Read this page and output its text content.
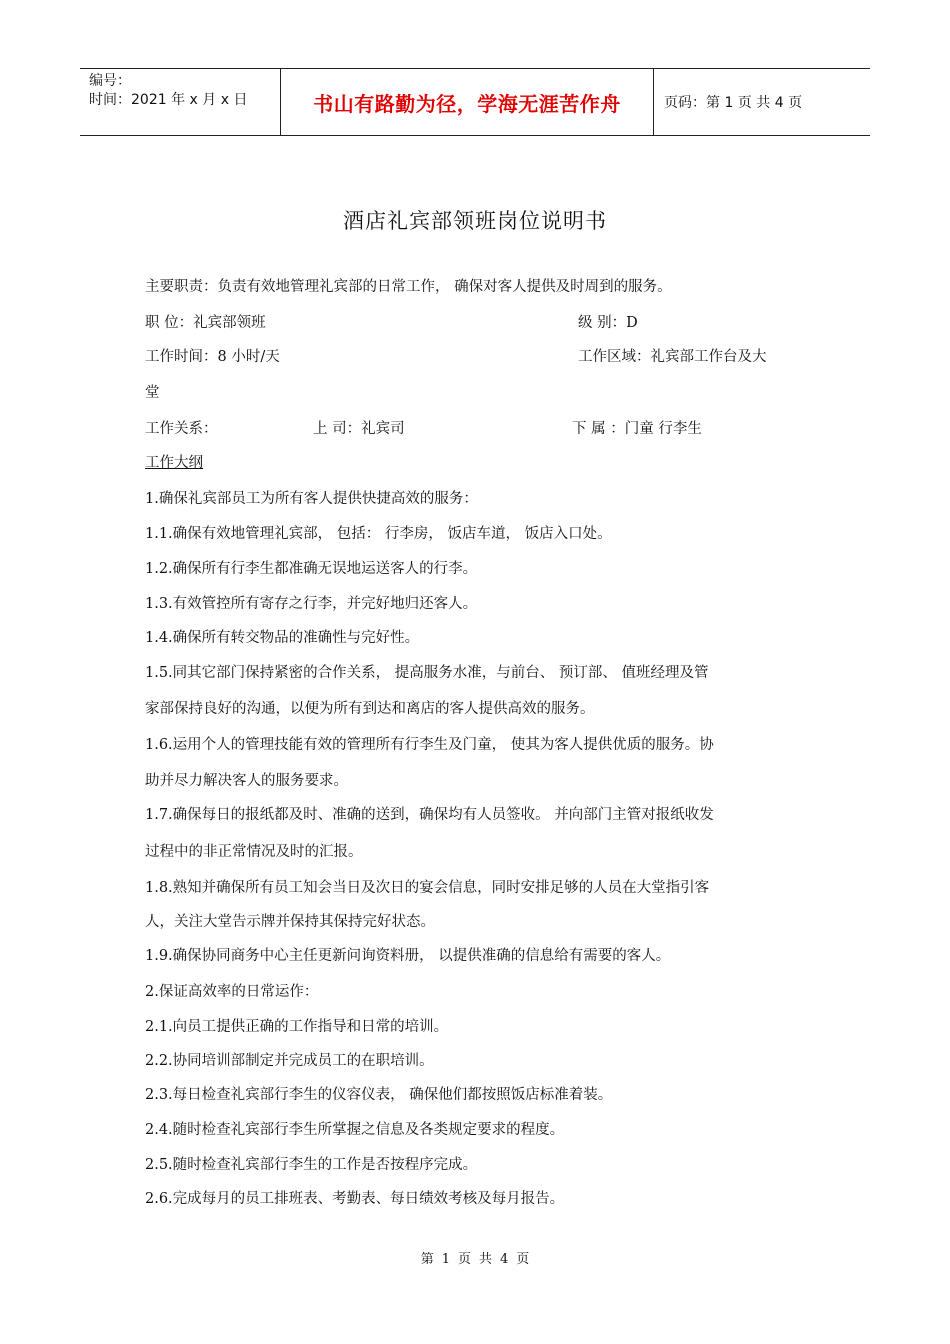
编号：
时间：2021 年 x 月 x 日	书山有路勤为径，学海无涯苦作舟	页码：第 1 页 共 4 页
酒店礼宾部领班岗位说明书
主要职责：负责有效地管理礼宾部的日常工作， 确保对客人提供及时周到的服务。
职 位：礼宾部领班	级 别：D
工作时间：8 小时/天	工作区域：礼宾部工作台及大
堂
工作关系：	上 司：礼宾司	下 属 ：门童 行李生
工作大纲
1.确保礼宾部员工为所有客人提供快捷高效的服务：
1.1.确保有效地管理礼宾部， 包括： 行李房， 饭店车道， 饭店入口处。
1.2.确保所有行李生都准确无误地运送客人的行李。
1.3.有效管控所有寄存之行李，并完好地归还客人。
1.4.确保所有转交物品的准确性与完好性。
1.5.同其它部门保持紧密的合作关系， 提高服务水准，与前台、 预订部、 值班经理及管
家部保持良好的沟通，以便为所有到达和离店的客人提供高效的服务。
1.6.运用个人的管理技能有效的管理所有行李生及门童， 使其为客人提供优质的服务。协
助并尽力解决客人的服务要求。
1.7.确保每日的报纸都及时、准确的送到，确保均有人员签收。 并向部门主管对报纸收发
过程中的非正常情况及时的汇报。
1.8.熟知并确保所有员工知会当日及次日的宴会信息，同时安排足够的人员在大堂指引客
人，关注大堂告示牌并保持其保持完好状态。
1.9.确保协同商务中心主任更新问询资料册， 以提供准确的信息给有需要的客人。
2.保证高效率的日常运作：
2.1.向员工提供正确的工作指导和日常的培训。
2.2.协同培训部制定并完成员工的在职培训。
2.3.每日检查礼宾部行李生的仪容仪表， 确保他们都按照饭店标准着装。
2.4.随时检查礼宾部行李生所掌握之信息及各类规定要求的程度。
2.5.随时检查礼宾部行李生的工作是否按程序完成。
2.6.完成每月的员工排班表、考勤表、每日绩效考核及每月报告。
第 1 页 共 4 页
